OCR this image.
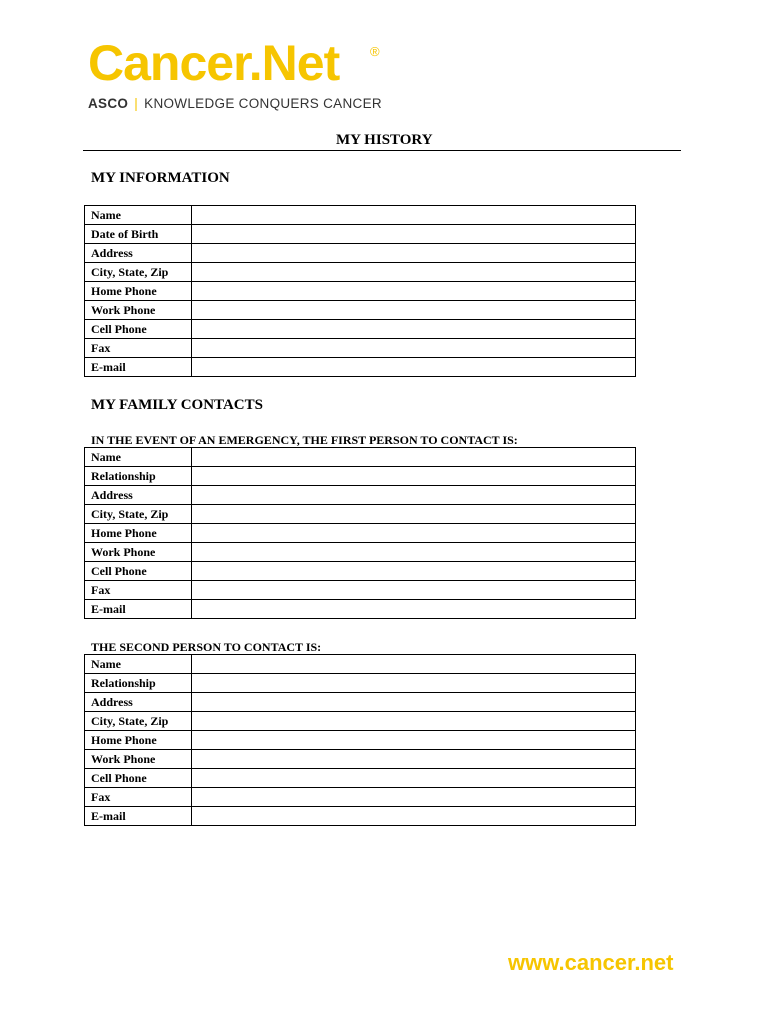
Cancer.Net	®
ASCO | KNOWLEDGE CONQUERS CANCER
MY HISTORY
MY INFORMATION
Name	
Date of Birth	
Address	
City, State, Zip	
Home Phone	
Work Phone	
Cell Phone	
Fax	
E-mail	
MY FAMILY CONTACTS
IN THE EVENT OF AN EMERGENCY, THE FIRST PERSON TO CONTACT IS:
Name	
Relationship	
Address	
City, State, Zip	
Home Phone	
Work Phone	
Cell Phone	
Fax	
E-mail	
THE SECOND PERSON TO CONTACT IS:
Name	
Relationship	
Address	
City, State, Zip	
Home Phone	
Work Phone	
Cell Phone	
Fax	
E-mail	
www.cancer.net
